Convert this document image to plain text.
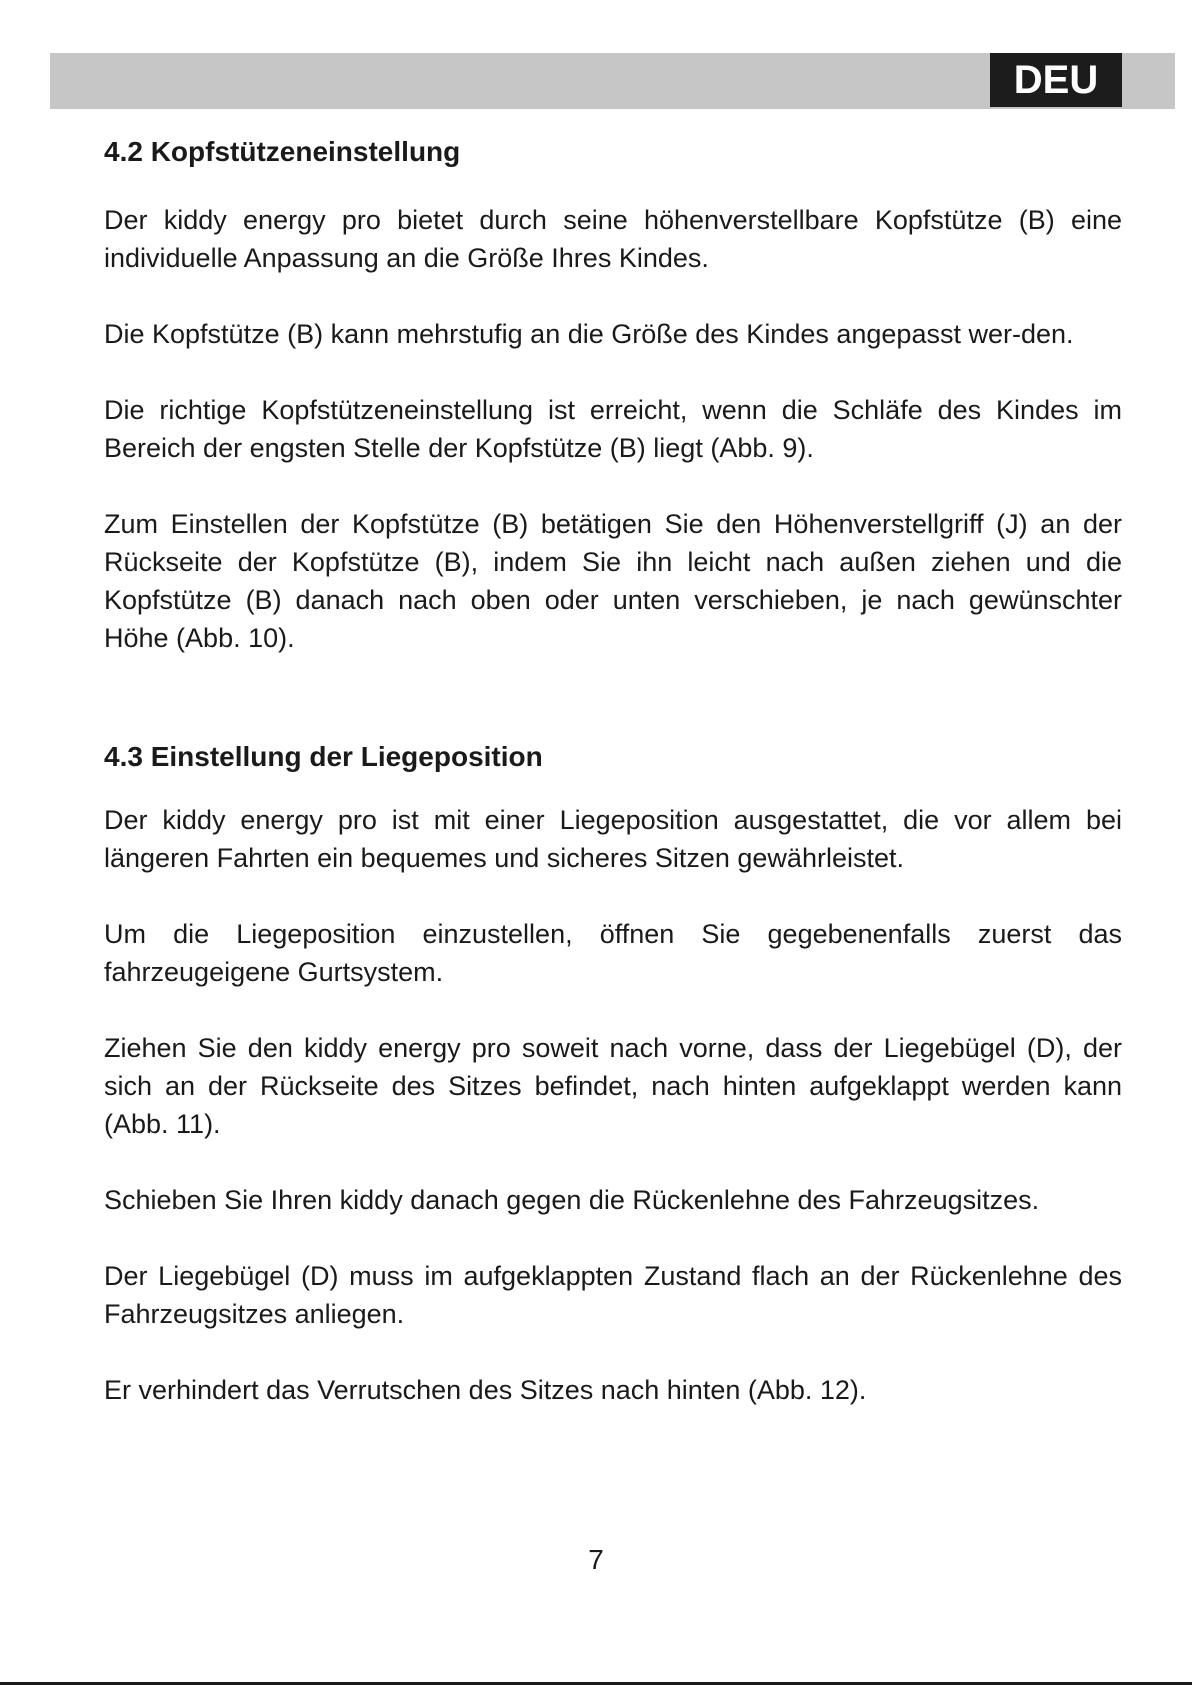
DEU
4.2 Kopfstützeneinstellung

Der kiddy energy pro bietet durch seine höhenverstellbare Kopfstütze (B) eine individuelle Anpassung an die Größe Ihres Kindes.

Die Kopfstütze (B) kann mehrstufig an die Größe des Kindes angepasst wer-den.

Die richtige Kopfstützeneinstellung ist erreicht, wenn die Schläfe des Kindes im Bereich der engsten Stelle der Kopfstütze (B) liegt (Abb. 9).

Zum Einstellen der Kopfstütze (B) betätigen Sie den Höhenverstellgriff (J) an der Rückseite der Kopfstütze (B), indem Sie ihn leicht nach außen ziehen und die Kopfstütze (B) danach nach oben oder unten verschieben, je nach gewünschter Höhe (Abb. 10).

4.3 Einstellung der Liegeposition

Der kiddy energy pro ist mit einer Liegeposition ausgestattet, die vor allem bei längeren Fahrten ein bequemes und sicheres Sitzen gewährleistet.

Um die Liegeposition einzustellen, öffnen Sie gegebenenfalls zuerst das fahrzeugeigene Gurtsystem.

Ziehen Sie den kiddy energy pro soweit nach vorne, dass der Liegebügel (D), der sich an der Rückseite des Sitzes befindet, nach hinten aufgeklappt werden kann (Abb. 11).

Schieben Sie Ihren kiddy danach gegen die Rückenlehne des Fahrzeugsitzes.

Der Liegebügel (D) muss im aufgeklappten Zustand flach an der Rückenlehne des Fahrzeugsitzes anliegen.

Er verhindert das Verrutschen des Sitzes nach hinten (Abb. 12).

7
